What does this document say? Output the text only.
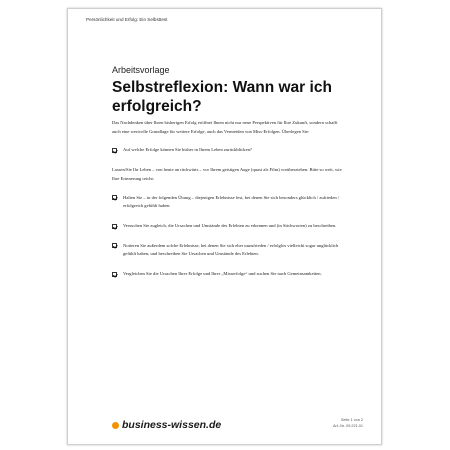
Persönlichkeit und Erfolg: Ein Selbsttest
Arbeitsvorlage
Selbstreflexion: Wann war ich erfolgreich?

Das Nachdenken über Ihren bisherigen Erfolg eröffnet Ihnen nicht nur neue Perspektiven für Ihre Zukunft, sondern schafft auch eine wertvolle Grundlage für weitere Erfolge, auch das Vermeiden von Miss-Erfolgen. Überlegen Sie:

Auf welche Erfolge können Sie bisher in Ihrem Leben zurückblicken?

Lassen/Sie Ihr Leben – von heute an rückwärts – vor Ihrem geistigen Auge (quasi als Film) vorüberziehen. Bitte so weit, wie Ihre Erinnerung reicht:

Halten Sie – in der folgenden Übung – diejenigen Erlebnisse fest, bei denen Sie sich besonders glücklich / zufrieden / erfolgreich gefühlt haben.
Versuchen Sie zugleich, die Ursachen und Umstände des Erlebten zu erkennen und (in Stichworten) zu beschreiben.
Notieren Sie außerdem solche Erlebnisse, bei denen Sie sich eher unzufrieden / erfolglos vielleicht sogar unglücklich gefühlt haben, und beschreiben Sie Ursachen und Umstände des Erlebten.
Vergleichen Sie die Ursachen Ihrer Erfolge und Ihrer „Misserfolge“ und suchen Sie nach Gemeinsamkeiten.
business-wissen.de	Seite 1 von 2
Art.-Nr. 09.221.01
